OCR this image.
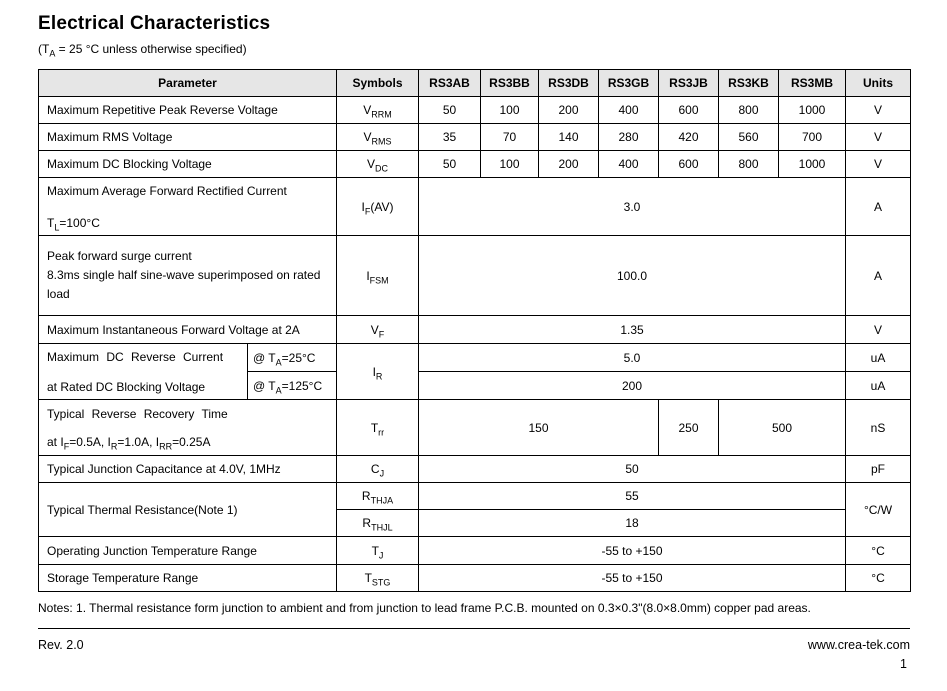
Electrical Characteristics

($T_A = 25$ °C unless otherwise specified)

Parameter		Symbols	RS3AB	RS3BB	RS3DB	RS3GB	RS3JB	RS3KB	RS3MB	Units
Maximum Repetitive Peak Reverse Voltage		$V_{RRM}$	50	100	200	400	600	800	1000	V
Maximum RMS Voltage		$V_{RMS}$	35	70	140	280	420	560	700	V
Maximum DC Blocking Voltage		$V_{DC}$	50	100	200	400	600	800	1000	V

Maximum Average Forward Rectified Current
$T_L=100^\circ C$		$I_F(AV)$	3.0							A

Peak forward surge current
8.3ms single half sine-wave superimposed on rated load		$I_{FSM}$	100.0							A
Maximum Instantaneous Forward Voltage at 2A		$V_F$	1.35							V

Maximum DC Reverse Current
at Rated DC Blocking Voltage	@ $T_A=25^\circ C$	$I_R$	5.0							uA
	@ $T_A=125^\circ C$		200							uA

Typical Reverse Recovery Time
at $I_F=0.5A$, $I_R=1.0A$, $I_{RR}=0.25A$		$T_{rr}$	150				250	500		nS
Typical Junction Capacitance at 4.0V, 1MHz		$C_J$	50							pF
Typical Thermal Resistance(Note 1)		$R_{THJA}$	55							°C/W
		$R_{THJL}$	18							
Operating Junction Temperature Range		$T_J$	-55 to +150							°C
Storage Temperature Range		$T_{STG}$	-55 to +150							°C

Notes: 1. Thermal resistance form junction to ambient and from junction to lead frame P.C.B. mounted on 0.3×0.3"(8.0×8.0mm) copper pad areas.

Rev. 2.0	www.crea-tek.com
1
